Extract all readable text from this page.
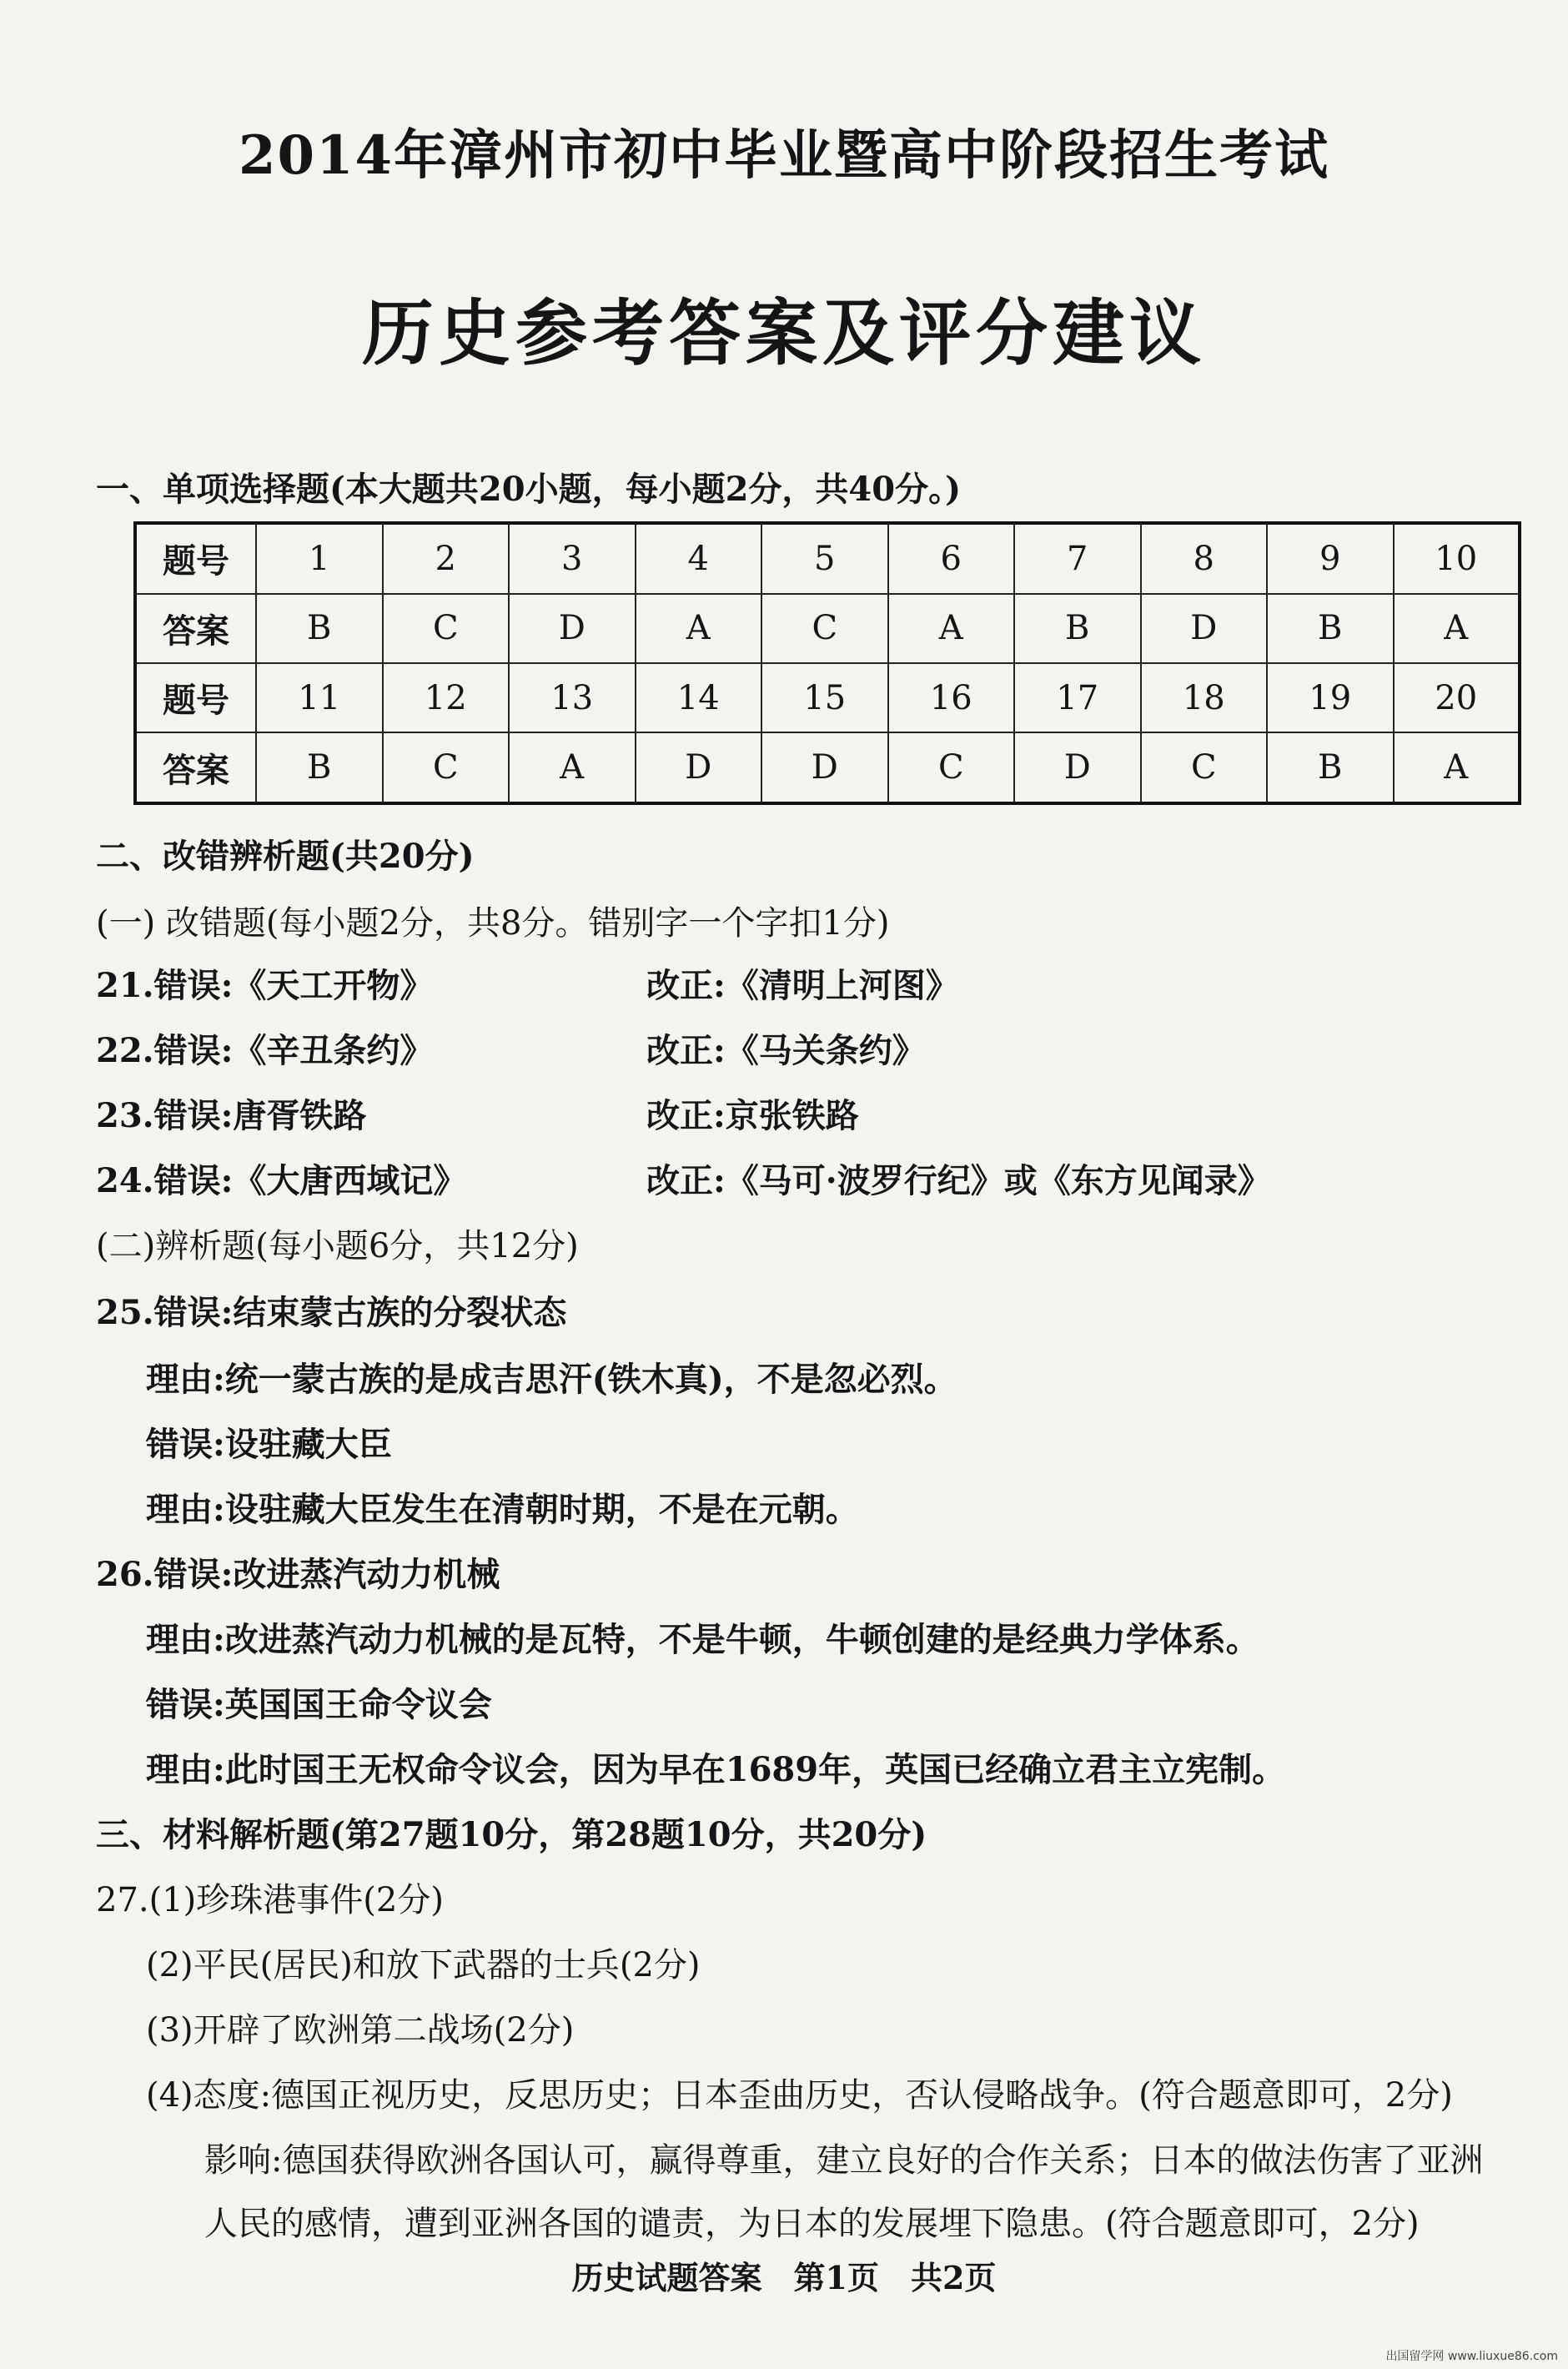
2014年漳州市初中毕业暨高中阶段招生考试
历史参考答案及评分建议
一、单项选择题(本大题共20小题，每小题2分，共40分。)
题号	1	2	3	4	5	6	7	8	9	10
答案	B	C	D	A	C	A	B	D	B	A
题号	11	12	13	14	15	16	17	18	19	20
答案	B	C	A	D	D	C	D	C	B	A
二、改错辨析题(共20分)
(一) 改错题(每小题2分，共8分。错别字一个字扣1分)
21.错误:《天工开物》	改正:《清明上河图》
22.错误:《辛丑条约》	改正:《马关条约》
23.错误:唐胥铁路	改正:京张铁路
24.错误:《大唐西域记》	改正:《马可·波罗行纪》或《东方见闻录》
(二)辨析题(每小题6分，共12分)
25.错误:结束蒙古族的分裂状态
理由:统一蒙古族的是成吉思汗(铁木真)，不是忽必烈。
错误:设驻藏大臣
理由:设驻藏大臣发生在清朝时期，不是在元朝。
26.错误:改进蒸汽动力机械
理由:改进蒸汽动力机械的是瓦特，不是牛顿，牛顿创建的是经典力学体系。
错误:英国国王命令议会
理由:此时国王无权命令议会，因为早在1689年，英国已经确立君主立宪制。
三、材料解析题(第27题10分，第28题10分，共20分)
27.(1)珍珠港事件(2分)
(2)平民(居民)和放下武器的士兵(2分)
(3)开辟了欧洲第二战场(2分)
(4)态度:德国正视历史，反思历史；日本歪曲历史，否认侵略战争。(符合题意即可，2分)
影响:德国获得欧洲各国认可，赢得尊重，建立良好的合作关系；日本的做法伤害了亚洲
人民的感情，遭到亚洲各国的谴责，为日本的发展埋下隐患。(符合题意即可，2分)
历史试题答案　第1页　共2页
出国留学网 www.liuxue86.com
